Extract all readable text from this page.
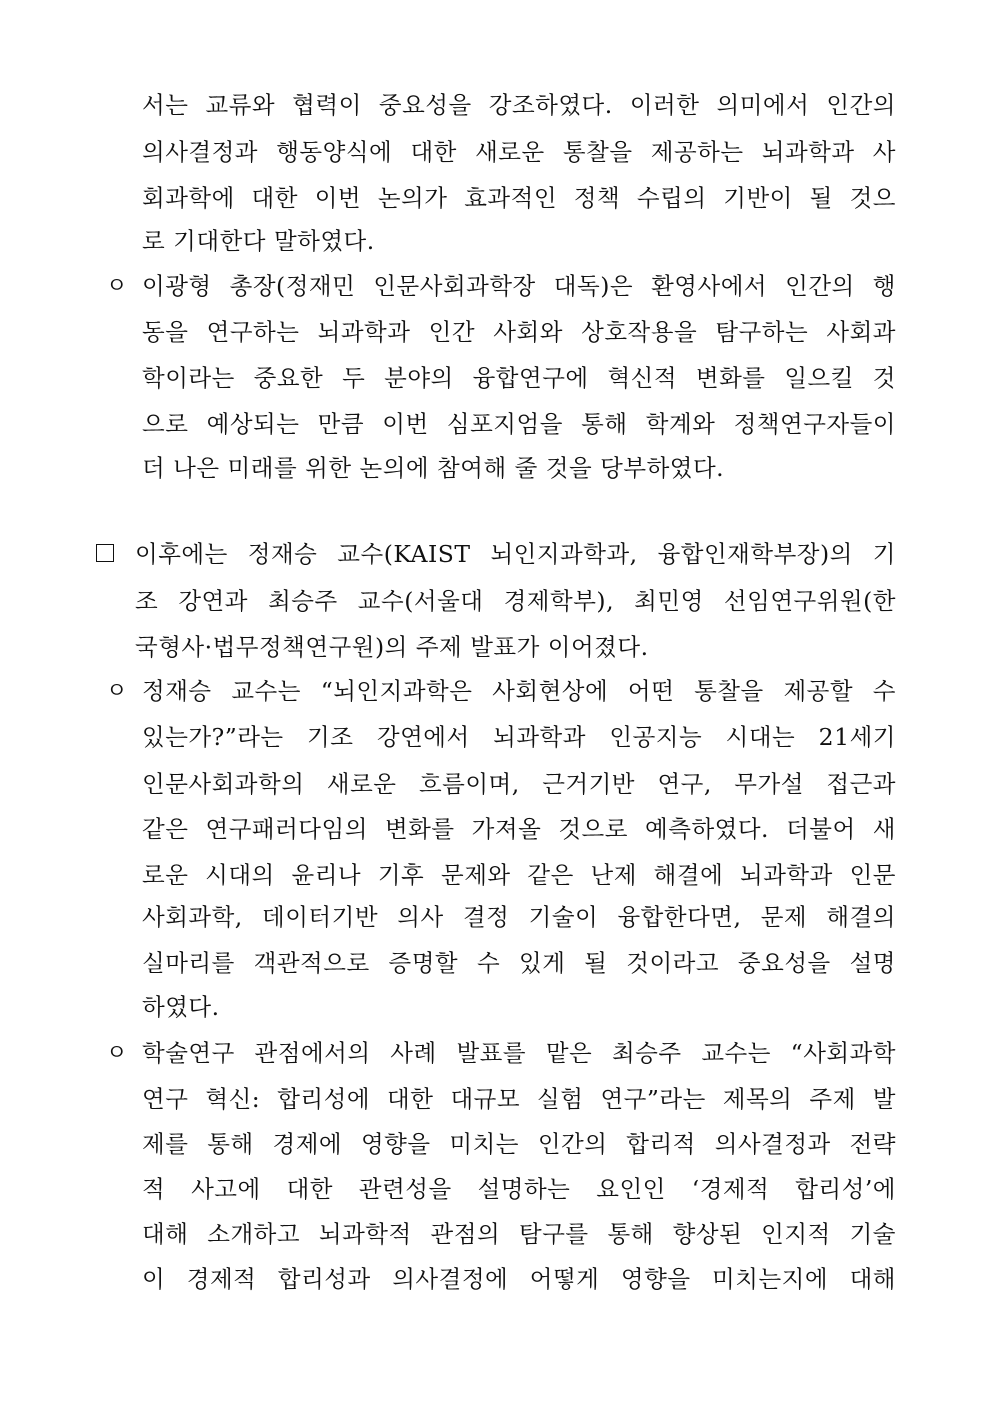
서는 교류와 협력이 중요성을 강조하였다. 이러한 의미에서 인간의
의사결정과 행동양식에 대한 새로운 통찰을 제공하는 뇌과학과 사
회과학에 대한 이번 논의가 효과적인 정책 수립의 기반이 될 것으
로 기대한다 말하였다.
ㅇ 이광형 총장(정재민 인문사회과학장 대독)은 환영사에서 인간의 행
동을 연구하는 뇌과학과 인간 사회와 상호작용을 탐구하는 사회과
학이라는 중요한 두 분야의 융합연구에 혁신적 변화를 일으킬 것
으로 예상되는 만큼 이번 심포지엄을 통해 학계와 정책연구자들이
더 나은 미래를 위한 논의에 참여해 줄 것을 당부하였다.
이후에는 정재승 교수(KAIST 뇌인지과학과, 융합인재학부장)의 기
조 강연과 최승주 교수(서울대 경제학부), 최민영 선임연구위원(한
국형사·법무정책연구원)의 주제 발표가 이어졌다.
ㅇ 정재승 교수는 “뇌인지과학은 사회현상에 어떤 통찰을 제공할 수
있는가?”라는 기조 강연에서 뇌과학과 인공지능 시대는 21세기
인문사회과학의 새로운 흐름이며, 근거기반 연구, 무가설 접근과
같은 연구패러다임의 변화를 가져올 것으로 예측하였다. 더불어 새
로운 시대의 윤리나 기후 문제와 같은 난제 해결에 뇌과학과 인문
사회과학, 데이터기반 의사 결정 기술이 융합한다면, 문제 해결의
실마리를 객관적으로 증명할 수 있게 될 것이라고 중요성을 설명
하였다.
ㅇ 학술연구 관점에서의 사례 발표를 맡은 최승주 교수는 “사회과학
연구 혁신: 합리성에 대한 대규모 실험 연구”라는 제목의 주제 발
제를 통해 경제에 영향을 미치는 인간의 합리적 의사결정과 전략
적 사고에 대한 관련성을 설명하는 요인인 ‘경제적 합리성’에
대해 소개하고 뇌과학적 관점의 탐구를 통해 향상된 인지적 기술
이 경제적 합리성과 의사결정에 어떻게 영향을 미치는지에 대해
